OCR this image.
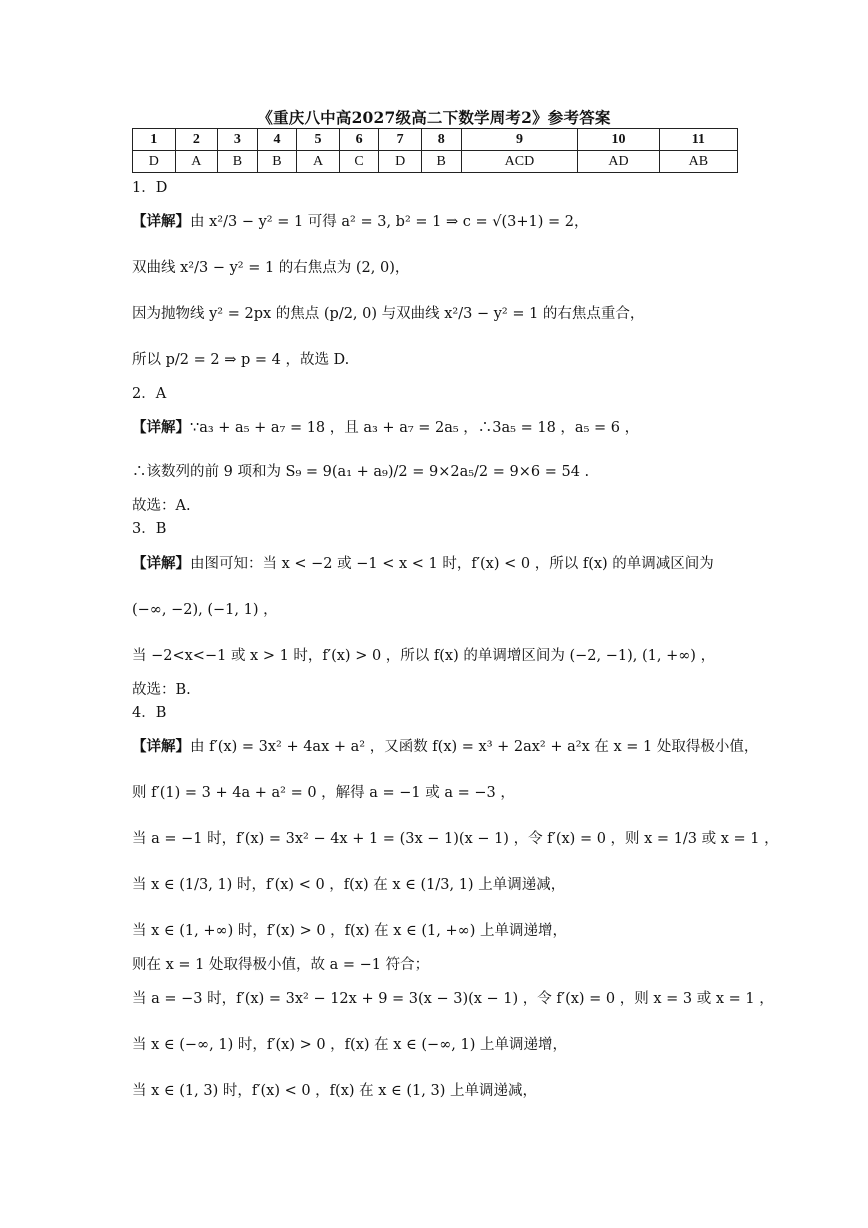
《重庆八中高2027级高二下数学周考2》参考答案
1	2	3	4	5	6	7	8	9	10	11
D	A	B	B	A	C	D	B	ACD	AD	AB
1．D
【详解】由 x²/3 − y² = 1 可得 a² = 3, b² = 1 ⇒ c = √(3+1) = 2，
双曲线 x²/3 − y² = 1 的右焦点为 (2, 0)，
因为抛物线 y² = 2px 的焦点 (p/2, 0) 与双曲线 x²/3 − y² = 1 的右焦点重合，
所以 p/2 = 2 ⇒ p = 4 ，故选 D.
2．A
【详解】∵a₃ + a₅ + a₇ = 18 ，且 a₃ + a₇ = 2a₅ ，∴3a₅ = 18 ，a₅ = 6 ，
∴该数列的前 9 项和为 S₉ = 9(a₁ + a₉)/2 = 9×2a₅/2 = 9×6 = 54 .
故选：A.
3．B
【详解】由图可知：当 x < −2 或 −1 < x < 1 时，f′(x) < 0 ，所以 f(x) 的单调减区间为
(−∞, −2), (−1, 1) ，
当 −2<x<−1 或 x > 1 时，f′(x) > 0 ，所以 f(x) 的单调增区间为 (−2, −1), (1, +∞) ，
故选：B.
4．B
【详解】由 f′(x) = 3x² + 4ax + a² ，又函数 f(x) = x³ + 2ax² + a²x 在 x = 1 处取得极小值，
则 f′(1) = 3 + 4a + a² = 0 ，解得 a = −1 或 a = −3 ，
当 a = −1 时，f′(x) = 3x² − 4x + 1 = (3x − 1)(x − 1) ，令 f′(x) = 0 ，则 x = 1/3 或 x = 1 ，
当 x ∈ (1/3, 1) 时，f′(x) < 0 ，f(x) 在 x ∈ (1/3, 1) 上单调递减，
当 x ∈ (1, +∞) 时，f′(x) > 0 ，f(x) 在 x ∈ (1, +∞) 上单调递增，
则在 x = 1 处取得极小值，故 a = −1 符合；
当 a = −3 时，f′(x) = 3x² − 12x + 9 = 3(x − 3)(x − 1) ，令 f′(x) = 0 ，则 x = 3 或 x = 1 ，
当 x ∈ (−∞, 1) 时，f′(x) > 0 ，f(x) 在 x ∈ (−∞, 1) 上单调递增，
当 x ∈ (1, 3) 时，f′(x) < 0 ，f(x) 在 x ∈ (1, 3) 上单调递减，
